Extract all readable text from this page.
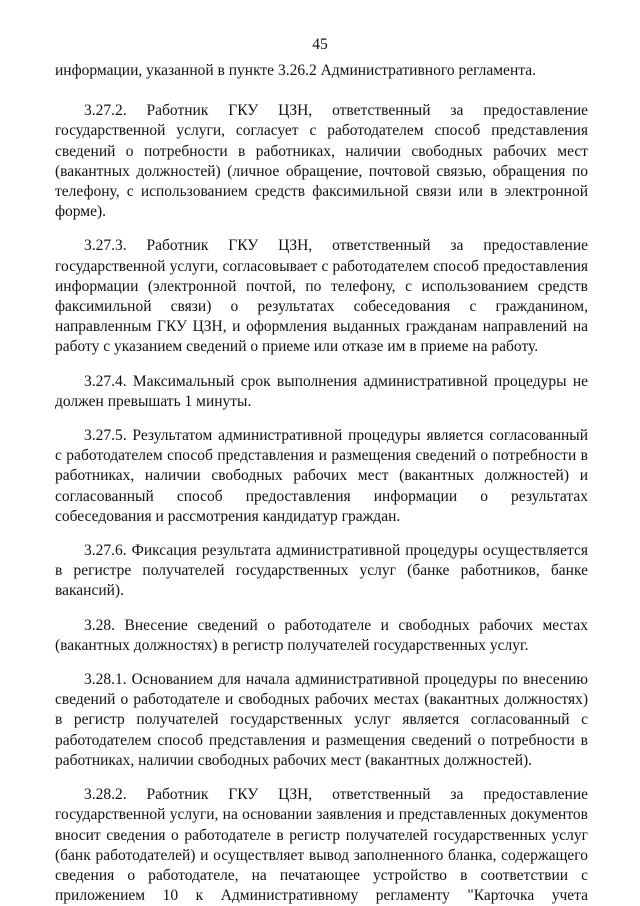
45

информации, указанной в пункте 3.26.2 Административного регламента.

3.27.2. Работник ГКУ ЦЗН, ответственный за предоставление государственной услуги, согласует с работодателем способ представления сведений о потребности в работниках, наличии свободных рабочих мест (вакантных должностей) (личное обращение, почтовой связью, обращения по телефону, с использованием средств факсимильной связи или в электронной форме).

3.27.3. Работник ГКУ ЦЗН, ответственный за предоставление государственной услуги, согласовывает с работодателем способ предоставления информации (электронной почтой, по телефону, с использованием средств факсимильной связи) о результатах собеседования с гражданином, направленным ГКУ ЦЗН, и оформления выданных гражданам направлений на работу с указанием сведений о приеме или отказе им в приеме на работу.

3.27.4. Максимальный срок выполнения административной процедуры не должен превышать 1 минуты.

3.27.5. Результатом административной процедуры является согласованный с работодателем способ представления и размещения сведений о потребности в работниках, наличии свободных рабочих мест (вакантных должностей) и согласованный способ предоставления информации о результатах собеседования и рассмотрения кандидатур граждан.

3.27.6. Фиксация результата административной процедуры осуществляется в регистре получателей государственных услуг (банке работников, банке вакансий).

3.28. Внесение сведений о работодателе и свободных рабочих местах (вакантных должностях) в регистр получателей государственных услуг.

3.28.1. Основанием для начала административной процедуры по внесению сведений о работодателе и свободных рабочих местах (вакантных должностях) в регистр получателей государственных услуг является согласованный с работодателем способ представления и размещения сведений о потребности в работниках, наличии свободных рабочих мест (вакантных должностей).

3.28.2. Работник ГКУ ЦЗН, ответственный за предоставление государственной услуги, на основании заявления и представленных документов вносит сведения о работодателе в регистр получателей государственных услуг (банк работодателей) и осуществляет вывод заполненного бланка, содержащего сведения о работодателе, на печатающее устройство в соответствии с приложением 10 к Административному регламенту "Карточка учета
